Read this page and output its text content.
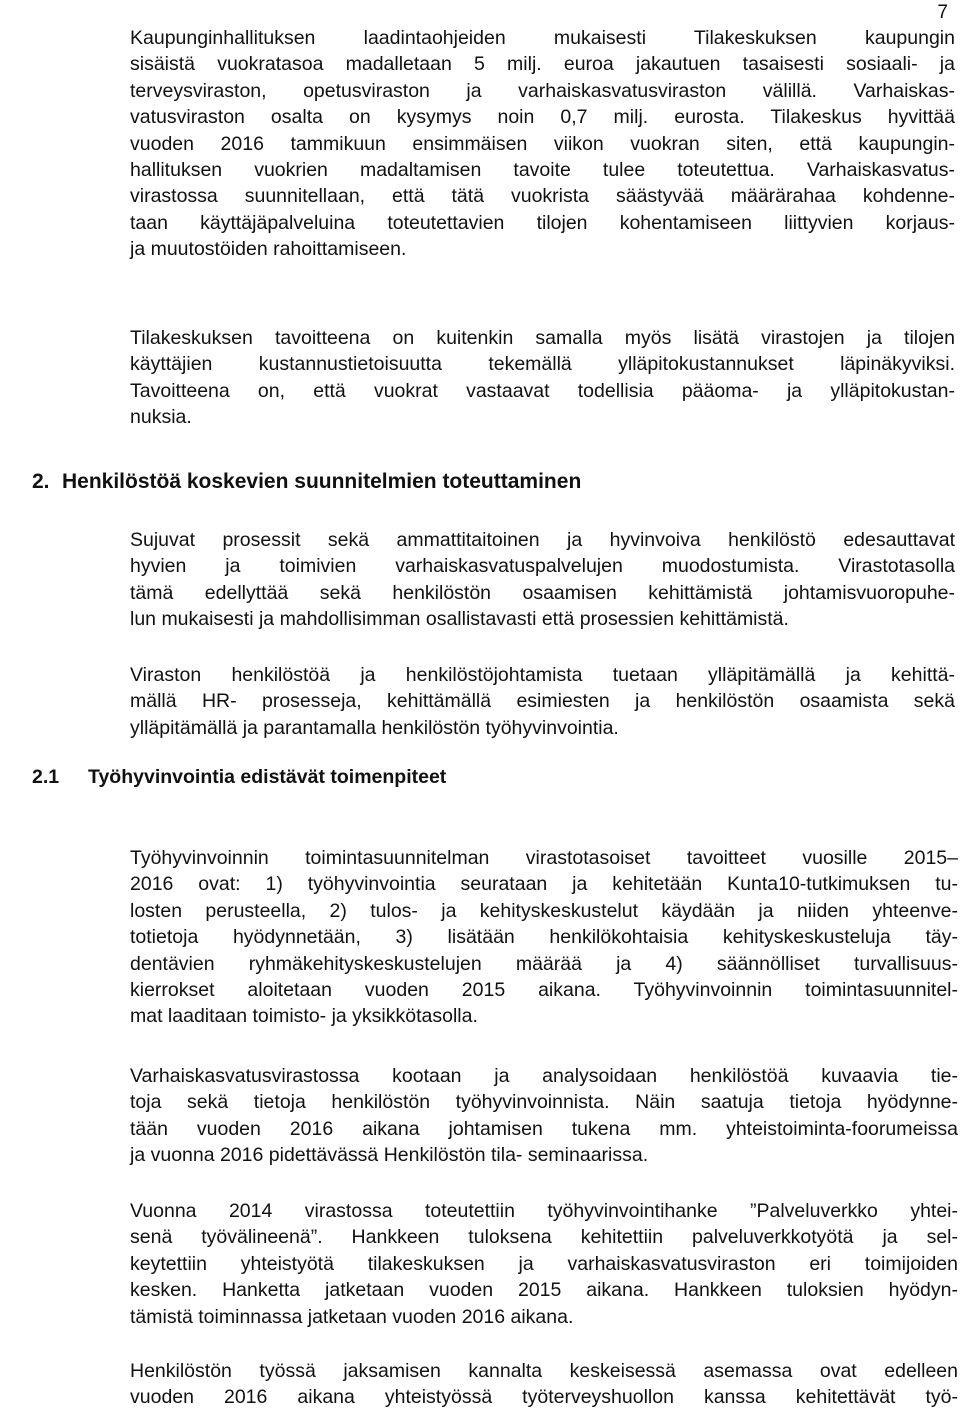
7
Kaupunginhallituksen laadintaohjeiden mukaisesti Tilakeskuksen kaupungin
sisäistä vuokratasoa madalletaan 5 milj. euroa jakautuen tasaisesti sosiaali- ja
terveysviraston, opetusviraston ja varhaiskasvatusviraston välillä. Varhaiskas-
vatusviraston osalta on kysymys noin 0,7 milj. eurosta. Tilakeskus hyvittää
vuoden 2016 tammikuun ensimmäisen viikon vuokran siten, että kaupungin-
hallituksen vuokrien madaltamisen tavoite tulee toteutettua. Varhaiskasvatus-
virastossa suunnitellaan, että tätä vuokrista säästyvää määrärahaa kohdenne-
taan käyttäjäpalveluina toteutettavien tilojen kohentamiseen liittyvien korjaus-
ja muutostöiden rahoittamiseen.
Tilakeskuksen tavoitteena on kuitenkin samalla myös lisätä virastojen ja tilojen
käyttäjien kustannustietoisuutta tekemällä ylläpitokustannukset läpinäkyviksi.
Tavoitteena on, että vuokrat vastaavat todellisia pääoma- ja ylläpitokustan-
nuksia.
2. Henkilöstöä koskevien suunnitelmien toteuttaminen
Sujuvat prosessit sekä ammattitaitoinen ja hyvinvoiva henkilöstö edesauttavat
hyvien ja toimivien varhaiskasvatuspalvelujen muodostumista. Virastotasolla
tämä edellyttää sekä henkilöstön osaamisen kehittämistä johtamisvuoropuhe-
lun mukaisesti ja mahdollisimman osallistavasti että prosessien kehittämistä.
Viraston henkilöstöä ja henkilöstöjohtamista tuetaan ylläpitämällä ja kehittä-
mällä HR- prosesseja, kehittämällä esimiesten ja henkilöstön osaamista sekä
ylläpitämällä ja parantamalla henkilöstön työhyvinvointia.
2.1 Työhyvinvointia edistävät toimenpiteet
Työhyvinvoinnin toimintasuunnitelman virastotasoiset tavoitteet vuosille 2015–
2016 ovat: 1) työhyvinvointia seurataan ja kehitetään Kunta10-tutkimuksen tu-
losten perusteella, 2) tulos- ja kehityskeskustelut käydään ja niiden yhteenve-
totietoja hyödynnetään, 3) lisätään henkilökohtaisia kehityskeskusteluja täy-
dentävien ryhmäkehityskeskustelujen määrää ja 4) säännölliset turvallisuus-
kierrokset aloitetaan vuoden 2015 aikana. Työhyvinvoinnin toimintasuunnitel-
mat laaditaan toimisto- ja yksikkötasolla.
Varhaiskasvatusvirastossa kootaan ja analysoidaan henkilöstöä kuvaavia tie-
toja sekä tietoja henkilöstön työhyvinvoinnista. Näin saatuja tietoja hyödynne-
tään vuoden 2016 aikana johtamisen tukena mm. yhteistoiminta-foorumeissa
ja vuonna 2016 pidettävässä Henkilöstön tila- seminaarissa.
Vuonna 2014 virastossa toteutettiin työhyvinvointihanke ”Palveluverkko yhtei-
senä työvälineenä”. Hankkeen tuloksena kehitettiin palveluverkkotyötä ja sel-
keytettiin yhteistyötä tilakeskuksen ja varhaiskasvatusviraston eri toimijoiden
kesken. Hanketta jatketaan vuoden 2015 aikana. Hankkeen tuloksien hyödyn-
tämistä toiminnassa jatketaan vuoden 2016 aikana.
Henkilöstön työssä jaksamisen kannalta keskeisessä asemassa ovat edelleen
vuoden 2016 aikana yhteistyössä työterveyshuollon kanssa kehitettävät työ-
